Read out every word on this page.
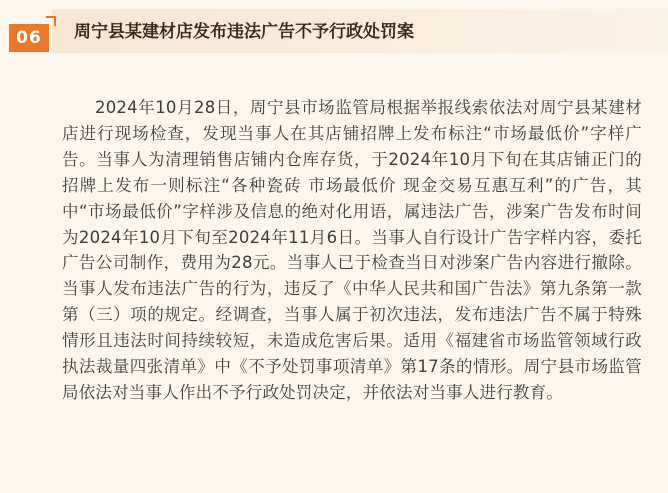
06	周宁县某建材店发布违法广告不予行政处罚案

2024年10月28日，周宁县市场监管局根据举报线索依法对周宁县某建材店进行现场检查，发现当事人在其店铺招牌上发布标注“市场最低价”字样广告。当事人为清理销售店铺内仓库存货，于2024年10月下旬在其店铺正门的招牌上发布一则标注“各种瓷砖 市场最低价 现金交易互惠互利”的广告，其中“市场最低价”字样涉及信息的绝对化用语，属违法广告，涉案广告发布时间为2024年10月下旬至2024年11月6日。当事人自行设计广告字样内容，委托广告公司制作，费用为28元。当事人已于检查当日对涉案广告内容进行撤除。当事人发布违法广告的行为，违反了《中华人民共和国广告法》第九条第一款第（三）项的规定。经调查，当事人属于初次违法，发布违法广告不属于特殊情形且违法时间持续较短，未造成危害后果。适用《福建省市场监管领域行政执法裁量四张清单》中《不予处罚事项清单》第17条的情形。周宁县市场监管局依法对当事人作出不予行政处罚决定，并依法对当事人进行教育。
